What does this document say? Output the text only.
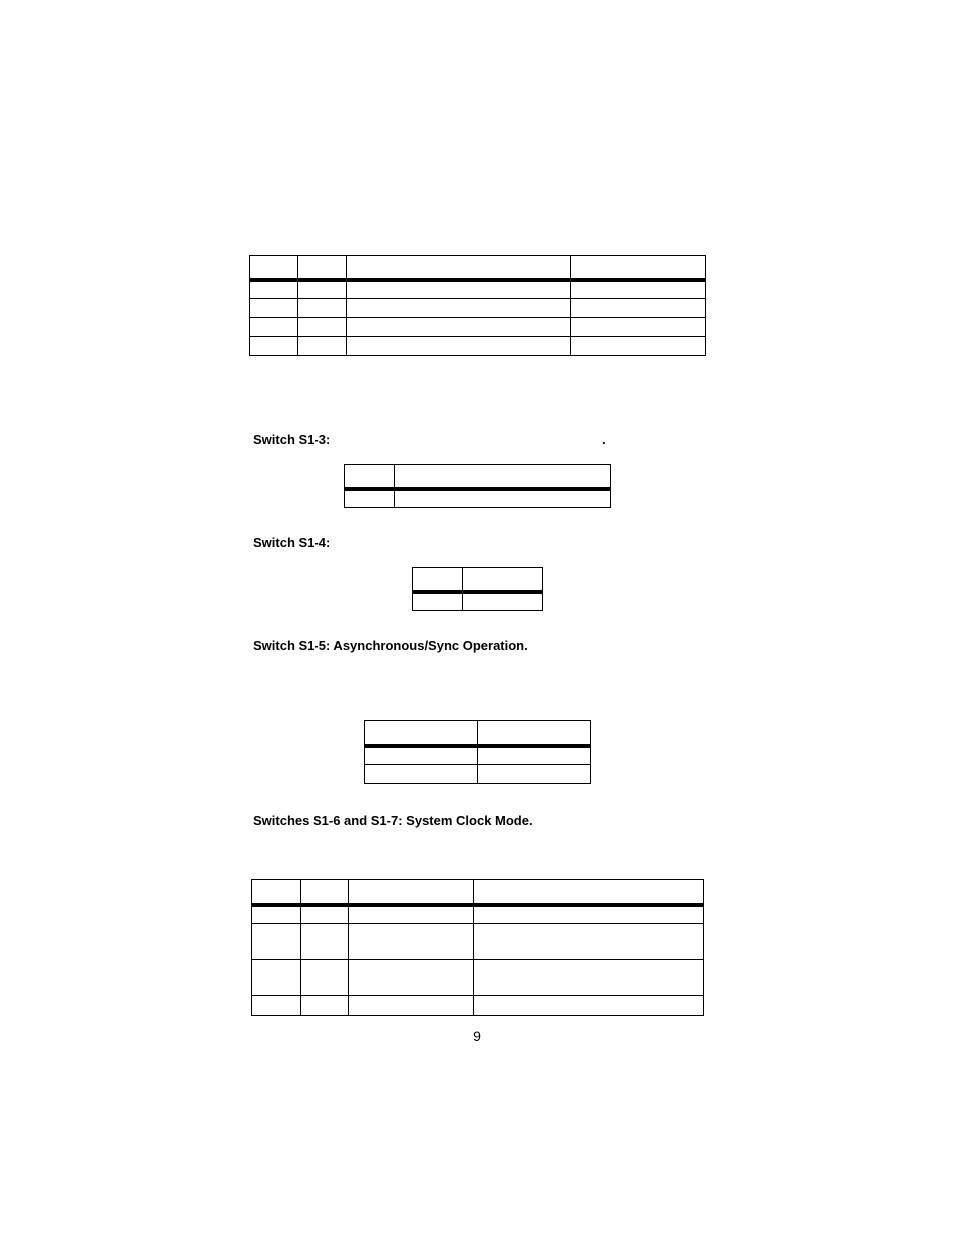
Switch S1-3:	.

Switch S1-4:

Switch S1-5: Asynchronous/Sync Operation.

Switches S1-6 and S1-7: System Clock Mode.

9
